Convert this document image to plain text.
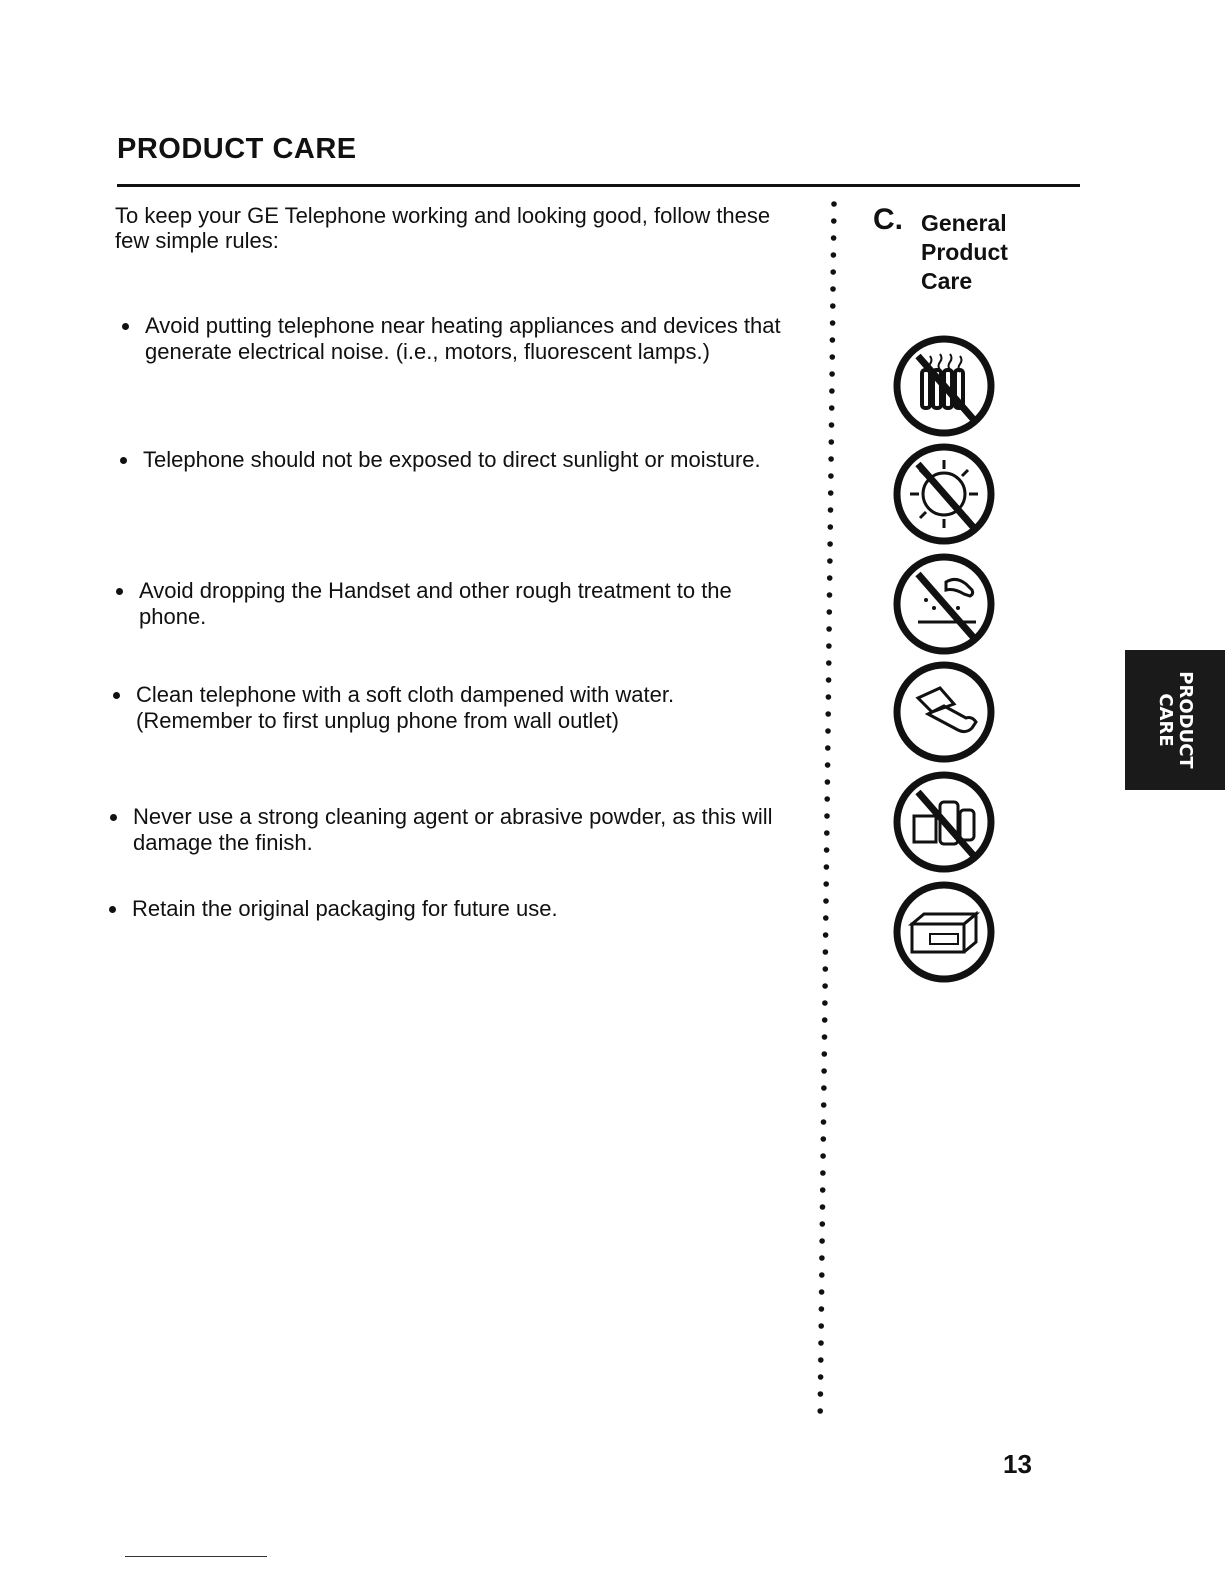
PRODUCT CARE

To keep your GE Telephone working and looking good, follow these few simple rules:

Avoid putting telephone near heating appliances and devices that generate electrical noise. (i.e., motors, fluorescent lamps.)

Telephone should not be exposed to direct sunlight or moisture.

Avoid dropping the Handset and other rough treatment to the phone.

Clean telephone with a soft cloth dampened with water. (Remember to first unplug phone from wall outlet)

Never use a strong cleaning agent or abrasive powder, as this will damage the finish.

Retain the original packaging for future use.

C. General
Product
Care
PRODUCT
CARE

13
